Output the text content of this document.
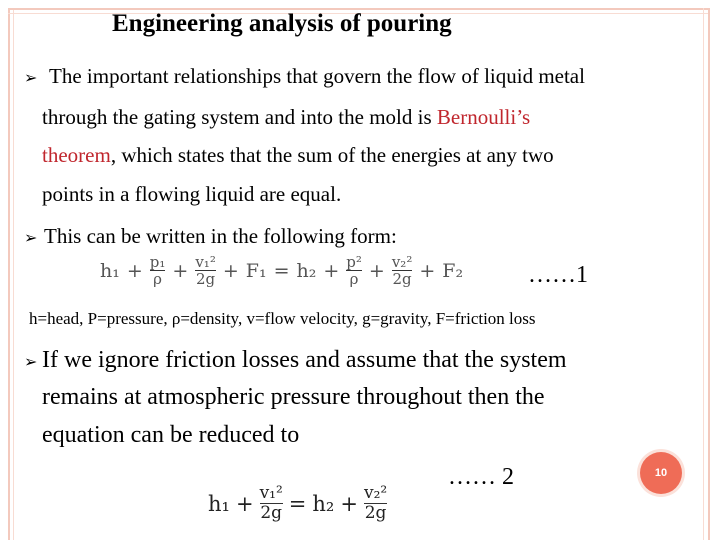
Engineering analysis of pouring
➢ The important relationships that govern the flow of liquid metal
through the gating system and into the mold is Bernoulli’s
theorem, which states that the sum of the energies at any two
points in a flowing liquid are equal.
➢ This can be written in the following form:
$h_1 + \frac{\text{p₁}}{\rho} + \frac{\text{v₁²}}{2g} + F_1 = h_2 + \frac{\text{p²}}{\rho} + \frac{\text{v₂²}}{2g} + F_2$	……1
h=head, P=pressure, ρ=density, v=flow velocity, g=gravity, F=friction loss
➢ If we ignore friction losses and assume that the system
remains at atmospheric pressure throughout then the
equation can be reduced to
…… 2
$h_1 + \frac{\text{v₁²}}{2g} = h_2 + \frac{\text{v₂²}}{2g}$
10
